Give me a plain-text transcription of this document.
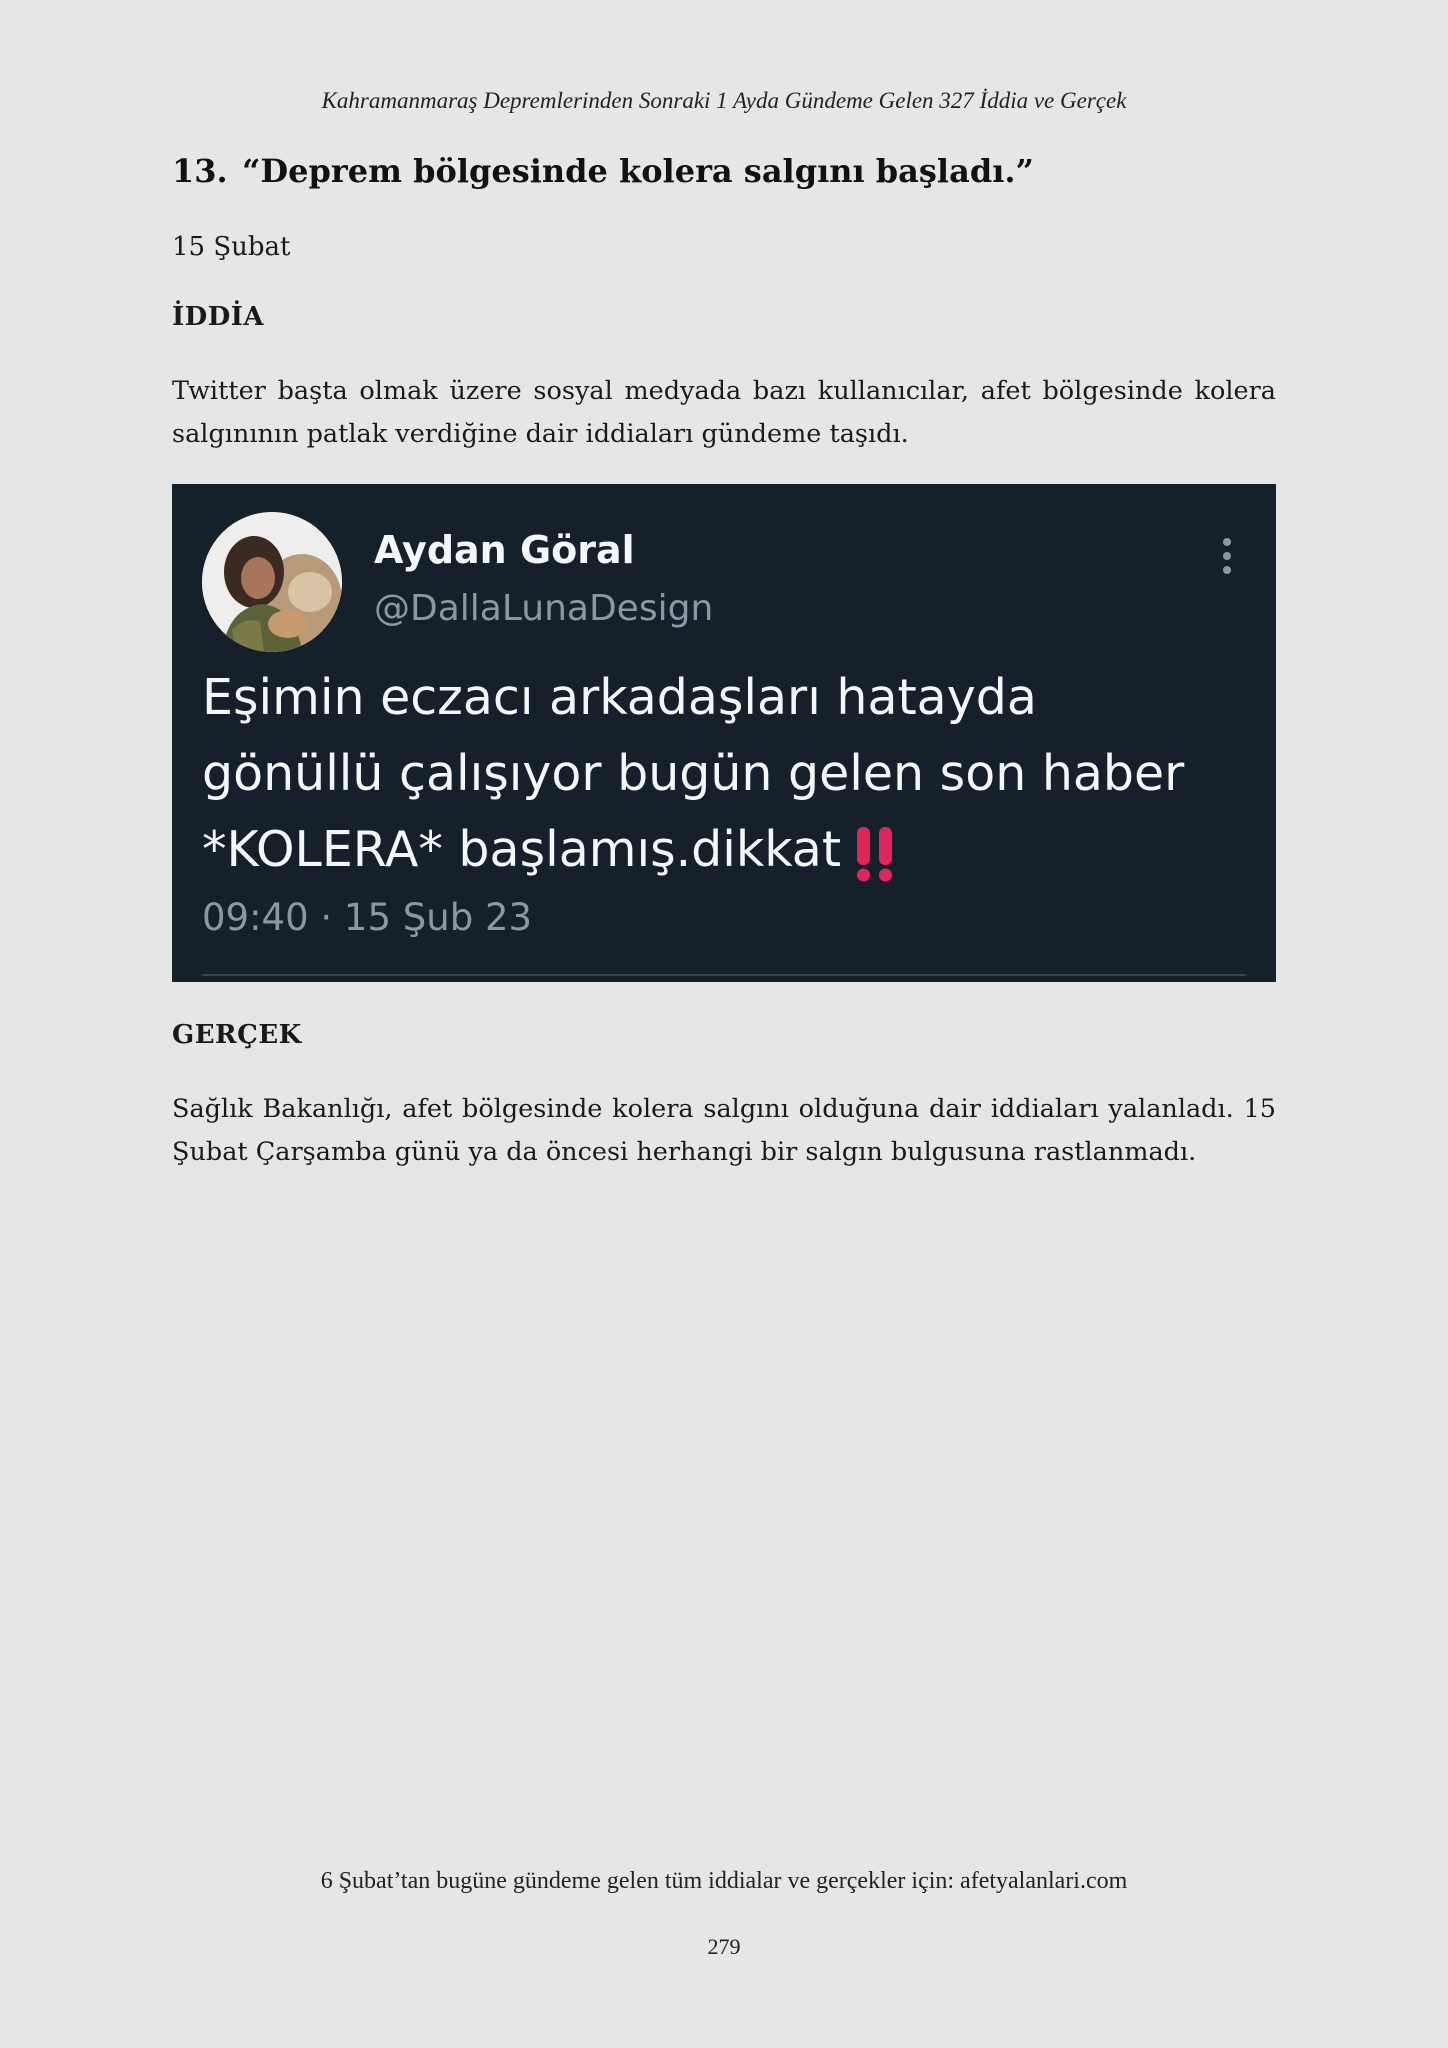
Kahramanmaraş Depremlerinden Sonraki 1 Ayda Gündeme Gelen 327 İddia ve Gerçek
13. “Deprem bölgesinde kolera salgını başladı.”
15 Şubat
İDDİA
Twitter başta olmak üzere sosyal medyada bazı kullanıcılar, afet bölgesinde kolera salgınının patlak verdiğine dair iddiaları gündeme taşıdı.
Aydan Göral
@DallaLunaDesign
Eşimin eczacı arkadaşları hatayda
gönüllü çalışıyor bugün gelen son haber
*KOLERA* başlamış.dikkat
09:40 · 15 Şub 23
GERÇEK
Sağlık Bakanlığı, afet bölgesinde kolera salgını olduğuna dair iddiaları yalanladı. 15 Şubat Çarşamba günü ya da öncesi herhangi bir salgın bulgusuna rastlanmadı.
6 Şubat’tan bugüne gündeme gelen tüm iddialar ve gerçekler için: afetyalanlari.com
279
